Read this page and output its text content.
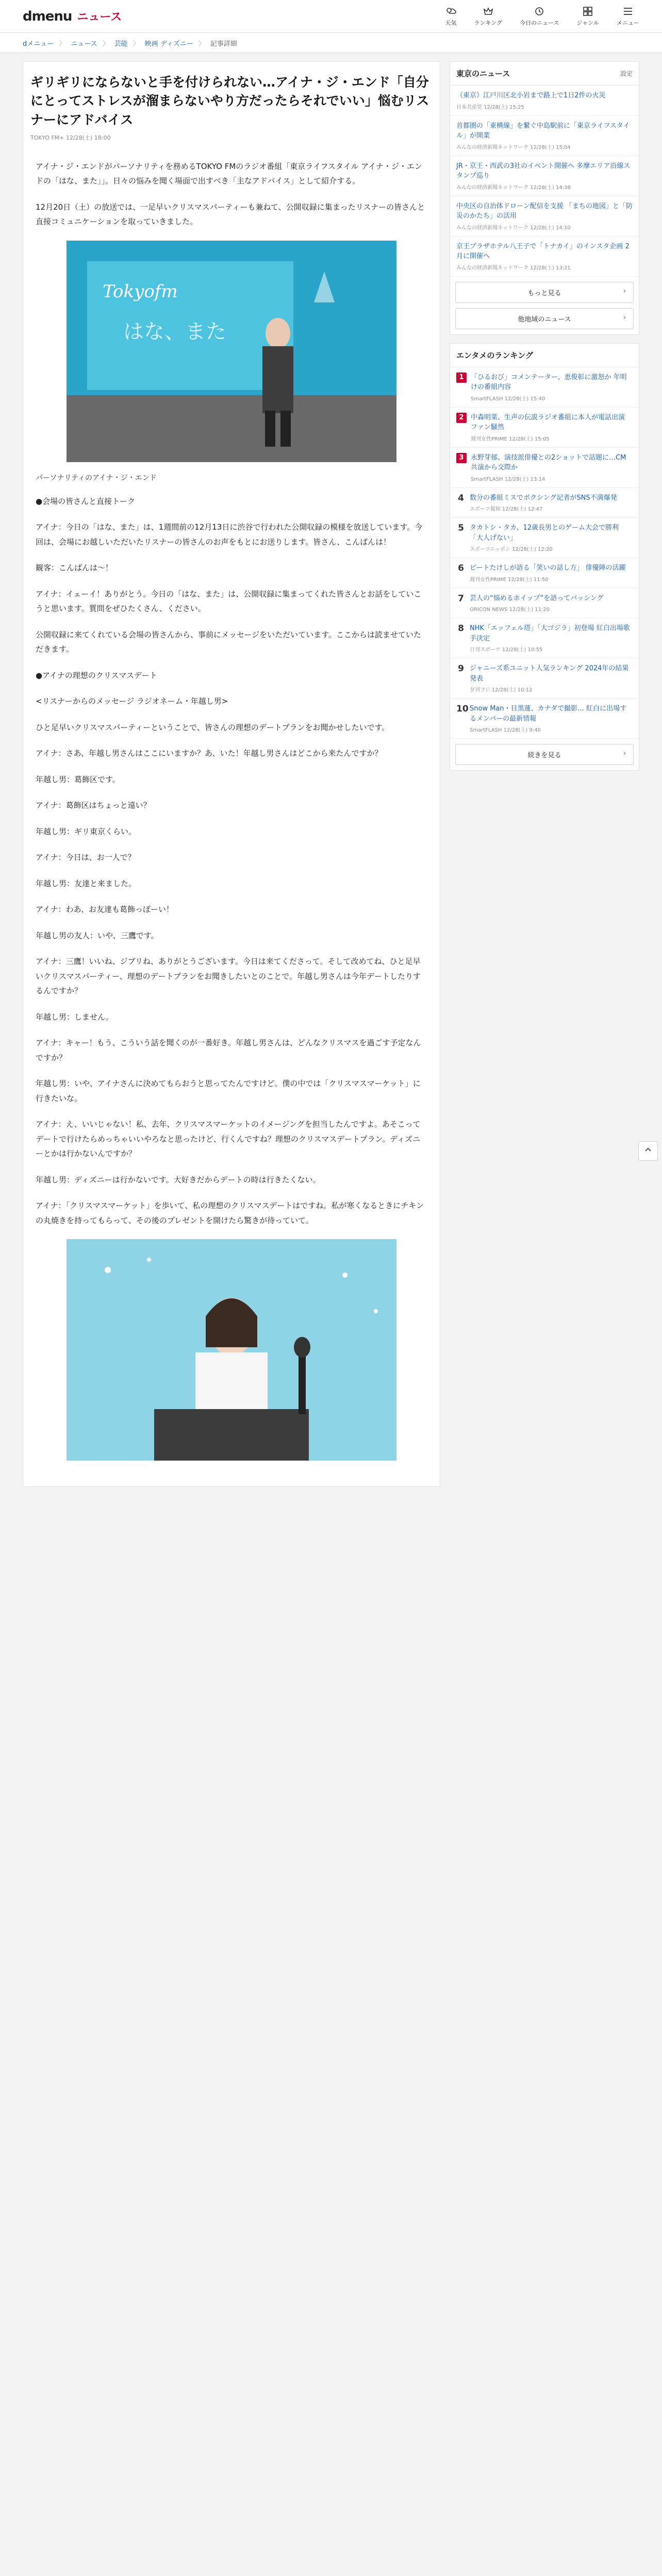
dmenu ニュース	天気	ランキング	今日のニュース	ジャンル	メニュー
dメニュー 〉 ニュース 〉 芸能 〉 映画 ディズニー 〉 記事詳細
ギリギリにならないと手を付けられない…アイナ・ジ・エンド「自分にとってストレスが溜まらないやり方だったらそれでいい」悩むリスナーにアドバイス
TOKYO FM+ 12/28(土) 18:00

アイナ・ジ・エンドがパーソナリティを務めるTOKYO FMのラジオ番組「東京ライフスタイル アイナ・ジ・エンドの「はな、また」」。日々の悩みを聞く場面で出すべき「主なアドバイス」として紹介する。

12月20日（土）の放送では、一足早いクリスマスパーティーも兼ねて、公開収録に集まったリスナーの皆さんと直接コミュニケーションを取っていきました。

Tokyofm
はな、また
パーソナリティのアイナ・ジ・エンド

●会場の皆さんと直接トーク

アイナ：今日の「はな、また」は、1週間前の12月13日に渋谷で行われた公開収録の模様を放送しています。今回は、会場にお越しいただいたリスナーの皆さんのお声をもとにお送りします。皆さん、こんばんは！

観客：こんばんは～！

アイナ：イェーイ！ありがとう。今日の「はな、また」は、公開収録に集まってくれた皆さんとお話をしていこうと思います。質問をぜひたくさん、ください。

公開収録に来てくれている会場の皆さんから、事前にメッセージをいただいています。ここからは読ませていただきます。

●アイナの理想のクリスマスデート

<リスナーからのメッセージ ラジオネーム・年越し男>

ひと足早いクリスマスパーティーということで、皆さんの理想のデートプランをお聞かせしたいです。

アイナ：さあ、年越し男さんはここにいますか？あ、いた！年越し男さんはどこから来たんですか？

年越し男：葛飾区です。

アイナ：葛飾区はちょっと遠い？

年越し男：ギリ東京くらい。

アイナ：今日は、お一人で？

年越し男：友達と来ました。

アイナ：わあ、お友達も葛飾っぽーい！

年越し男の友人：いや、三鷹です。

アイナ：三鷹！いいね、ジブリね、ありがとうございます。今日は来てくださって。そして改めてね、ひと足早いクリスマスパーティー、理想のデートプランをお聞きしたいとのことで。年越し男さんは今年デートしたりするんですか？

年越し男：しません。

アイナ：キャー！もう、こういう話を聞くのが一番好き。年越し男さんは、どんなクリスマスを過ごす予定なんですか？

年越し男：いや、アイナさんに決めてもらおうと思ってたんですけど。僕の中では「クリスマスマーケット」に行きたいな。

アイナ：え、いいじゃない！私、去年、クリスマスマーケットのイメージングを担当したんですよ。あそこってデートで行けたらめっちゃいいやろなと思ったけど、行くんですね？理想のクリスマスデートプラン。ディズニーとかは行かないんですか？

年越し男：ディズニーは行かないです。大好きだからデートの時は行きたくない。

アイナ：「クリスマスマーケット」を歩いて、私の理想のクリスマスデートはですね。私が寒くなるときにチキンの丸焼きを持ってもらって、その後のプレゼントを開けたら驚きが待っていて。

東京のニュース	設定
（東京）江戸川区北小岩まで路上で1日2件の火災
日本共産党 12/28(土) 15:25
首都圏の「東横線」を繋ぐ中島駅前に「東京ライフスタイル」が開業
みんなの経済新聞ネットワーク 12/28(土) 15:04
JR・京王・西武の3社のイベント開催へ 多摩エリア沿線スタンプ巡り
みんなの経済新聞ネットワーク 12/28(土) 14:38
中央区の自治体ドローン配信を支援 「まちの地図」と「防災のかたち」の活用
みんなの経済新聞ネットワーク 12/28(土) 14:10
京王プラザホテル八王子で「トナカイ」のインスタ企画 2月に開催へ
みんなの経済新聞ネットワーク 12/28(土) 13:21
もっと見る ›
他地域のニュース ›
エンタメのランキング
1	「ひるおび」コメンテーター、恵俊彰に激怒か 年明けの番組内容
SmartFLASH 12/28(土) 15:40
2	中森明菜、生声の伝説ラジオ番組に本人が電話出演 ファン騒然
週刊女性PRIME 12/28(土) 15:05
3	永野芽郁、演技派俳優との2ショットで話題に…CM共演から交際か
SmartFLASH 12/28(土) 13:14
4 数分の番組ミスでボクシング記者がSNS不満爆発
スポーツ報知 12/28(土) 12:47
5 タカトシ・タカ、12歳長男とのゲーム大会で勝利 「大人げない」
スポーツニッポン 12/28(土) 12:20
6 ビートたけしが語る「笑いの話し方」 俳優陣の活躍
週刊女性PRIME 12/28(土) 11:50
7 芸人の“悩めるホイップ”を語ってバッシング
ORICON NEWS 12/28(土) 11:20
8 NHK「エッフェル塔」「大ゴジラ」初登場 紅白出場歌手決定
日刊スポーツ 12/28(土) 10:55
9 ジャニーズ系ユニット人気ランキング 2024年の結果発表
夕刊フジ 12/28(土) 10:12
10 Snow Man・目黒蓮、カナダで撮影… 紅白に出場するメンバーの最新情報
SmartFLASH 12/28(土) 9:40
続きを見る ›
